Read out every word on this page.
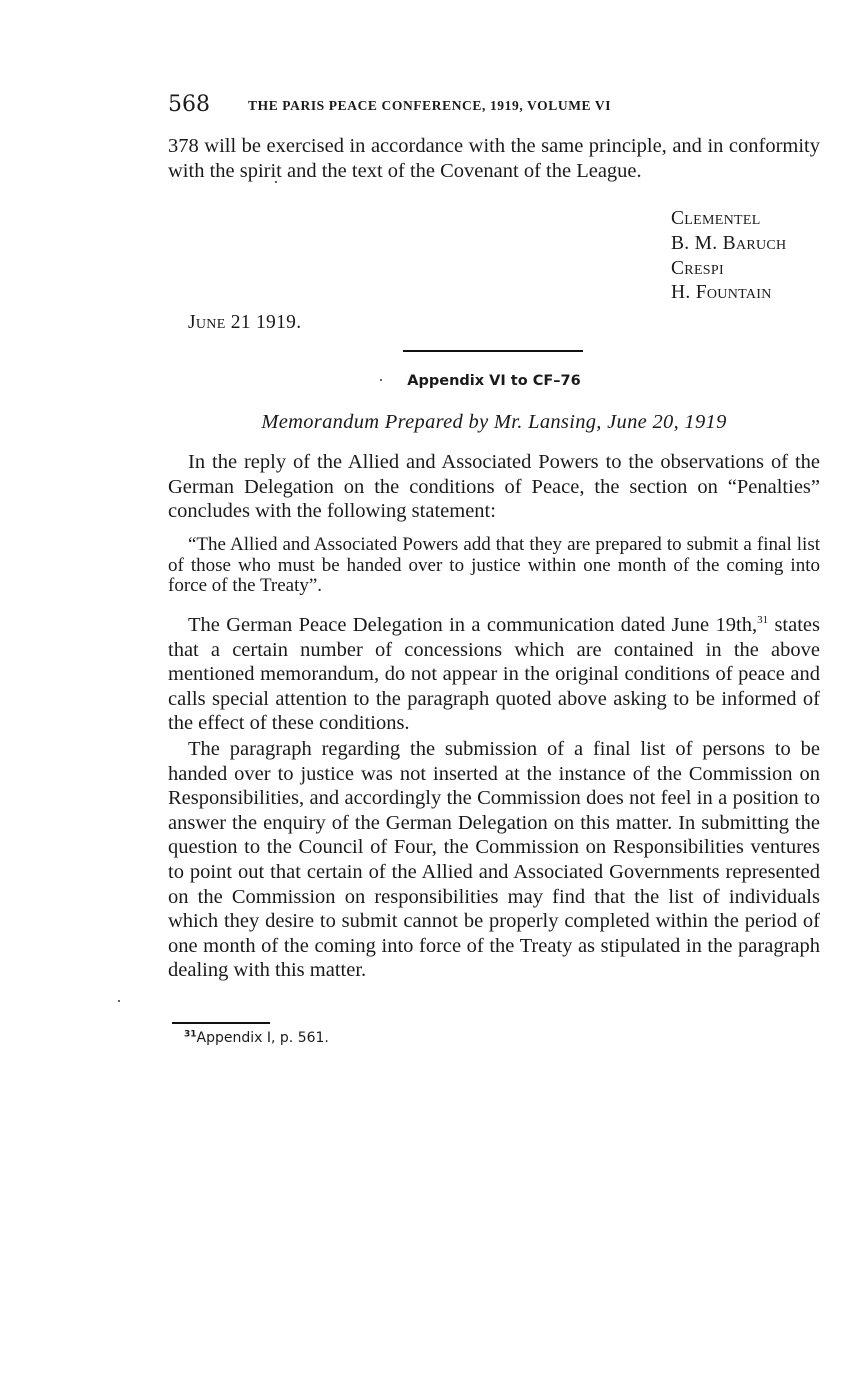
568	THE PARIS PEACE CONFERENCE, 1919, VOLUME VI

378 will be exercised in accordance with the same principle, and in conformity with the spirit and the text of the Covenant of the League.

Clementel
B. M. Baruch
Crespi
H. Fountain
June 21 1919.
Appendix VI to CF–76
Memorandum Prepared by Mr. Lansing, June 20, 1919

In the reply of the Allied and Associated Powers to the observations of the German Delegation on the conditions of Peace, the section on “Penalties” concludes with the following statement:

“The Allied and Associated Powers add that they are prepared to submit a final list of those who must be handed over to justice within one month of the coming into force of the Treaty”.

The German Peace Delegation in a communication dated June 19th,$^{31}$ states that a certain number of concessions which are contained in the above mentioned memorandum, do not appear in the original conditions of peace and calls special attention to the paragraph quoted above asking to be informed of the effect of these conditions.

The paragraph regarding the submission of a final list of persons to be handed over to justice was not inserted at the instance of the Commission on Responsibilities, and accordingly the Commission does not feel in a position to answer the enquiry of the German Delegation on this matter. In submitting the question to the Council of Four, the Commission on Responsibilities ventures to point out that certain of the Allied and Associated Governments represented on the Commission on responsibilities may find that the list of individuals which they desire to submit cannot be properly completed within the period of one month of the coming into force of the Treaty as stipulated in the paragraph dealing with this matter.

$^{31}$Appendix I, p. 561.
